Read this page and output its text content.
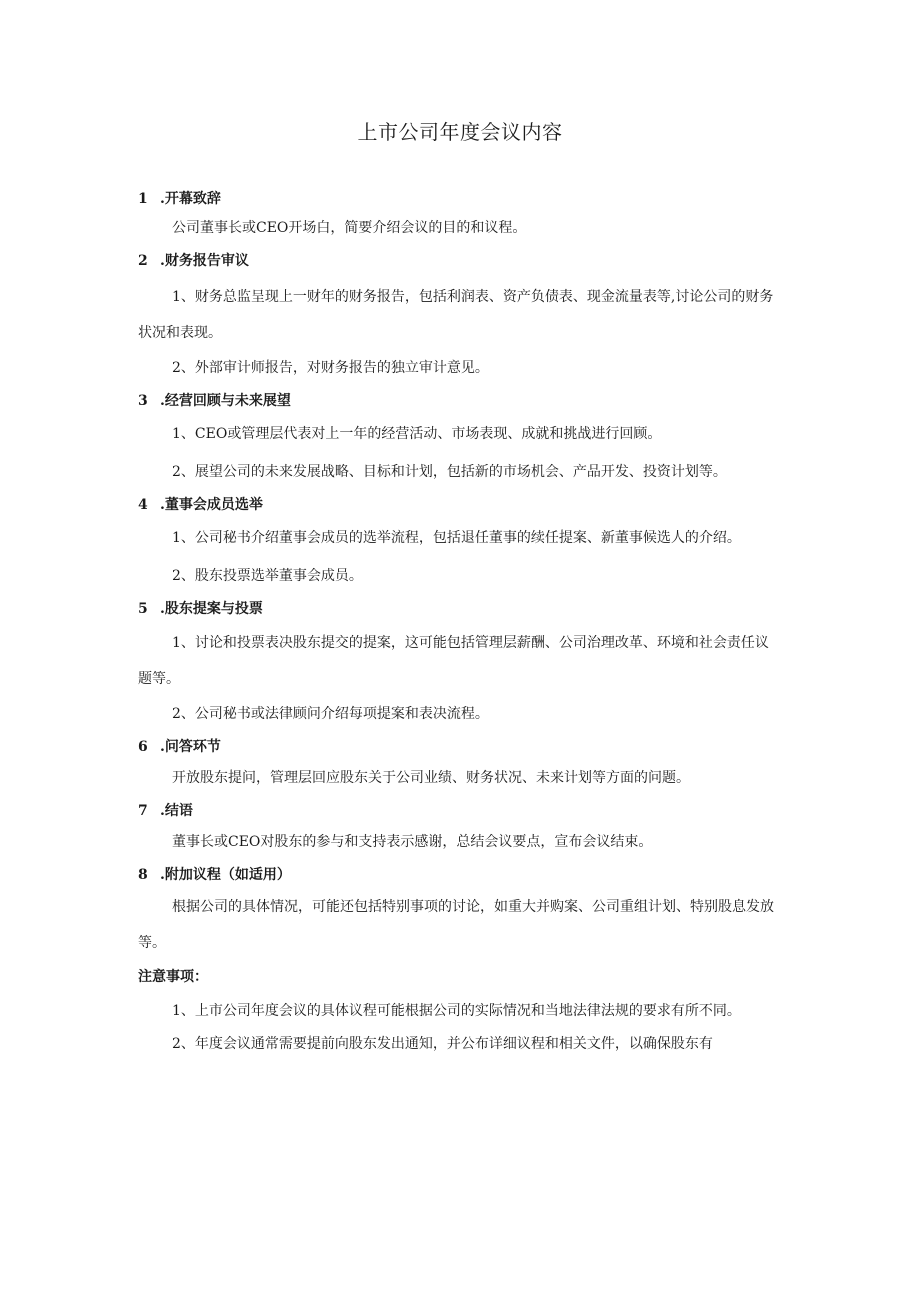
上市公司年度会议内容

1 .开幕致辞

公司董事长或CEO开场白，简要介绍会议的目的和议程。

2 .财务报告审议

1、财务总监呈现上一财年的财务报告，包括利润表、资产负债表、现金流量表等,讨论公司的财务状况和表现。

2、外部审计师报告，对财务报告的独立审计意见。

3 .经营回顾与未来展望

1、CEO或管理层代表对上一年的经营活动、市场表现、成就和挑战进行回顾。

2、展望公司的未来发展战略、目标和计划，包括新的市场机会、产品开发、投资计划等。

4 .董事会成员选举

1、公司秘书介绍董事会成员的选举流程，包括退任董事的续任提案、新董事候选人的介绍。

2、股东投票选举董事会成员。

5 .股东提案与投票

1、讨论和投票表决股东提交的提案，这可能包括管理层薪酬、公司治理改革、环境和社会责任议题等。

2、公司秘书或法律顾问介绍每项提案和表决流程。

6 .问答环节

开放股东提问，管理层回应股东关于公司业绩、财务状况、未来计划等方面的问题。

7 .结语

董事长或CEO对股东的参与和支持表示感谢，总结会议要点，宣布会议结束。

8 .附加议程（如适用）

根据公司的具体情况，可能还包括特别事项的讨论，如重大并购案、公司重组计划、特别股息发放等。

注意事项：

1、上市公司年度会议的具体议程可能根据公司的实际情况和当地法律法规的要求有所不同。

2、年度会议通常需要提前向股东发出通知，并公布详细议程和相关文件，以确保股东有
